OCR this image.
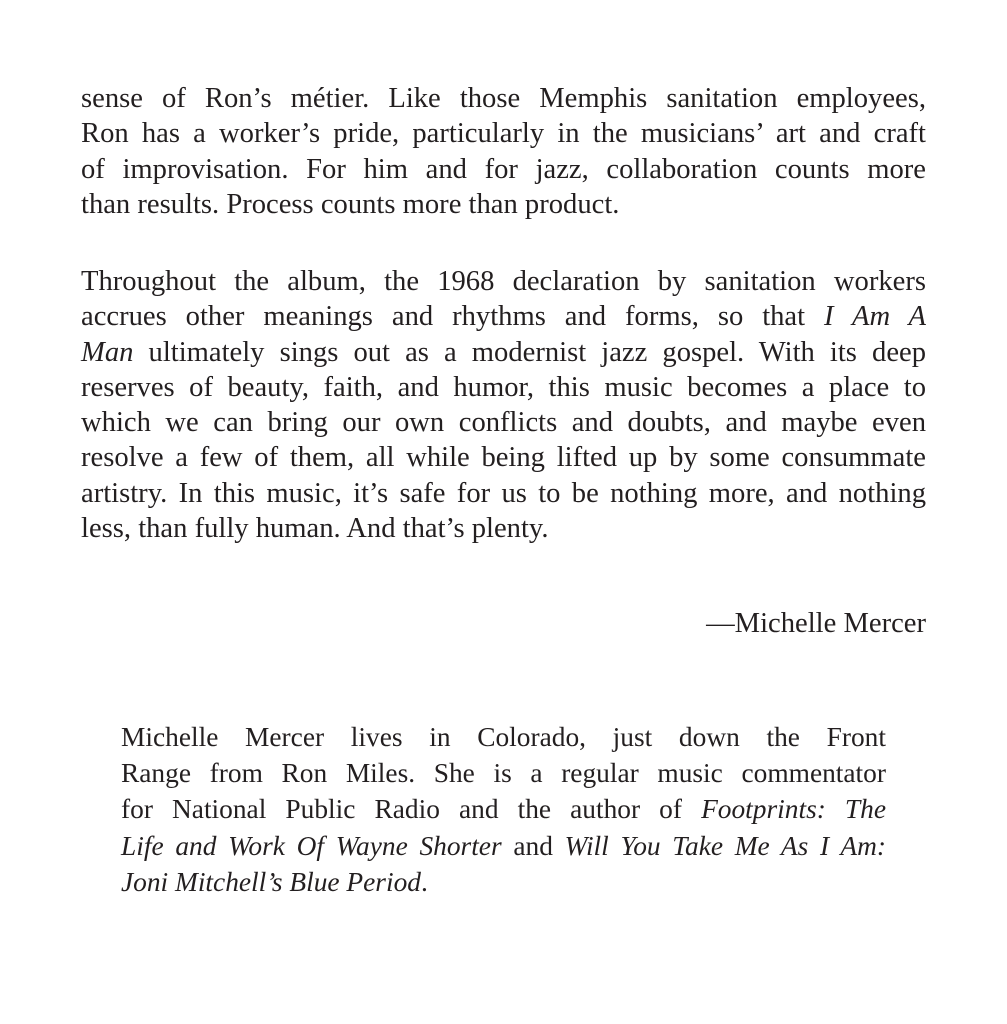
sense of Ron’s métier. Like those Memphis sanitation employees,
Ron has a worker’s pride, particularly in the musicians’ art and craft
of improvisation. For him and for jazz, collaboration counts more
than results. Process counts more than product.
Throughout the album, the 1968 declaration by sanitation workers
accrues other meanings and rhythms and forms, so that I Am A
Man ultimately sings out as a modernist jazz gospel. With its deep
reserves of beauty, faith, and humor, this music becomes a place to
which we can bring our own conflicts and doubts, and maybe even
resolve a few of them, all while being lifted up by some consummate
artistry. In this music, it’s safe for us to be nothing more, and nothing
less, than fully human. And that’s plenty.

—Michelle Mercer

Michelle Mercer lives in Colorado, just down the Front
Range from Ron Miles. She is a regular music commentator
for National Public Radio and the author of Footprints: The
Life and Work Of Wayne Shorter and Will You Take Me As I Am:
Joni Mitchell’s Blue Period.
